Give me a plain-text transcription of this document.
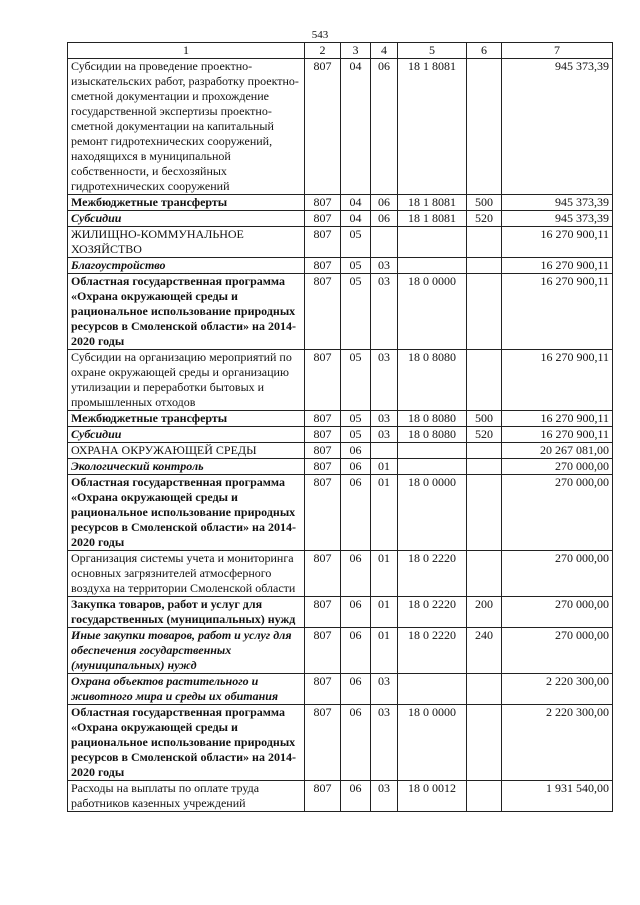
543
1	2	3	4	5	6	7
Субсидии на проведение проектно-изыскательских работ, разработку проектно-сметной документации и прохождение государственной экспертизы проектно-сметной документации на капитальный ремонт гидротехнических сооружений, находящихся в муниципальной собственности, и бесхозяйных гидротехнических сооружений	807	04	06	18 1 8081		945 373,39
Межбюджетные трансферты	807	04	06	18 1 8081	500	945 373,39
Субсидии	807	04	06	18 1 8081	520	945 373,39
ЖИЛИЩНО-КОММУНАЛЬНОЕ ХОЗЯЙСТВО	807	05				16 270 900,11
Благоустройство	807	05	03			16 270 900,11
Областная государственная программа «Охрана окружающей среды и рациональное использование природных ресурсов в Смоленской области» на 2014-2020 годы	807	05	03	18 0 0000		16 270 900,11
Субсидии на организацию мероприятий по охране окружающей среды и организацию утилизации и переработки бытовых и промышленных отходов	807	05	03	18 0 8080		16 270 900,11
Межбюджетные трансферты	807	05	03	18 0 8080	500	16 270 900,11
Субсидии	807	05	03	18 0 8080	520	16 270 900,11
ОХРАНА ОКРУЖАЮЩЕЙ СРЕДЫ	807	06				20 267 081,00
Экологический контроль	807	06	01			270 000,00
Областная государственная программа «Охрана окружающей среды и рациональное использование природных ресурсов в Смоленской области» на 2014-2020 годы	807	06	01	18 0 0000		270 000,00
Организация системы учета и мониторинга основных загрязнителей атмосферного воздуха на территории Смоленской области	807	06	01	18 0 2220		270 000,00
Закупка товаров, работ и услуг для государственных (муниципальных) нужд	807	06	01	18 0 2220	200	270 000,00
Иные закупки товаров, работ и услуг для обеспечения государственных (муниципальных) нужд	807	06	01	18 0 2220	240	270 000,00
Охрана объектов растительного и животного мира и среды их обитания	807	06	03			2 220 300,00
Областная государственная программа «Охрана окружающей среды и рациональное использование природных ресурсов в Смоленской области» на 2014-2020 годы	807	06	03	18 0 0000		2 220 300,00
Расходы на выплаты по оплате труда работников казенных учреждений	807	06	03	18 0 0012		1 931 540,00
